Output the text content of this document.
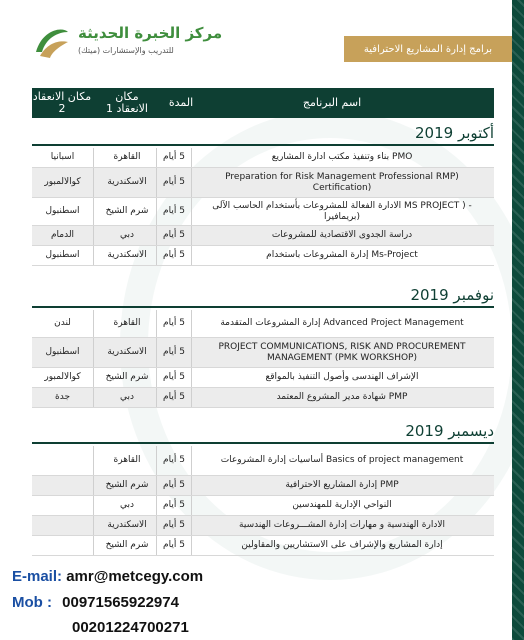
مركز الخبرة الحديثة
للتدريب والإستشارات (ميتك)	برامج إدارة المشاريع الاحترافية
اسم البرنامج
المدة
مكان الانعقاد 1
مكان الانعقاد 2
أكتوبر 2019
بناء وتنفيذ مكتب ادارة المشاريع PMO
5 أيام
القاهرة
اسبانيا
Preparation for Risk Management Professional RMP) Certification)
5 أيام
الاسكندرية
كوالالمبور
الادارة الفعالة للمشروعات بأستخدام الحاسب الآلى MS PROJECT ) - بريمافيرا)
5 أيام
شرم الشيخ
اسطنبول
دراسة الجدوى الاقتصادية للمشروعات
5 أيام
دبي
الدمام
إدارة المشروعات باستخدام Ms-Project
5 أيام
الاسكندرية
اسطنبول
نوفمبر 2019
إدارة المشروعات المتقدمة Advanced Project Management
5 أيام
القاهرة
لندن
PROJECT COMMUNICATIONS, RISK AND PROCUREMENT MANAGEMENT (PMK WORKSHOP)
5 أيام
الاسكندرية
اسطنبول
الإشراف الهندسى وأصول التنفيذ بالمواقع
5 أيام
شرم الشيخ
كوالالمبور
شهادة مدير المشروع المعتمد PMP
5 أيام
دبي
جدة
ديسمبر 2019
أساسيات إدارة المشروعات Basics of project management
5 أيام
القاهرة
إدارة المشاريع الاحترافية PMP
5 أيام
شرم الشيخ
النواحي الإدارية للمهندسين
5 أيام
دبي
الادارة الهندسية و مهارات إدارة المشـــروعات الهندسية
5 أيام
الاسكندرية
إدارة المشاريع والإشراف على الاستشاريين والمقاولين
5 أيام
شرم الشيخ
E-mail: amr@metcegy.com
Mob : 00971565922974
00201224700271
